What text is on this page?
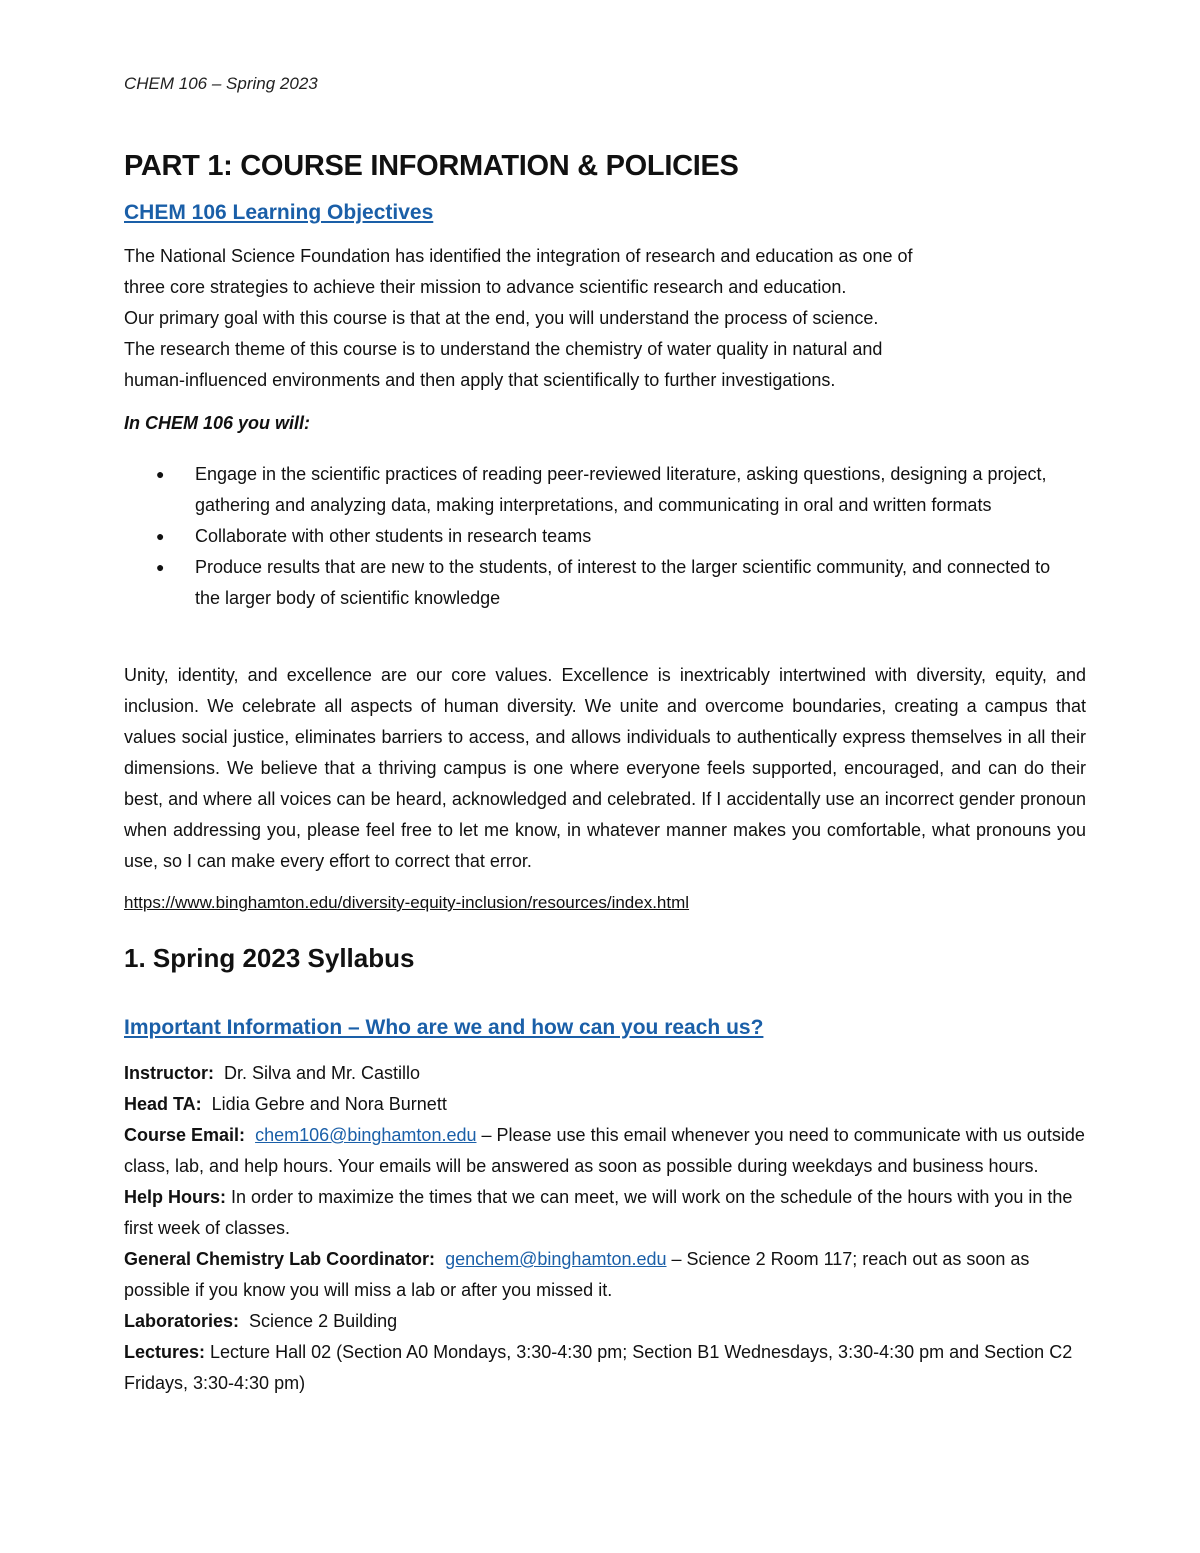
CHEM 106 – Spring 2023
PART 1: COURSE INFORMATION & POLICIES
CHEM 106 Learning Objectives
The National Science Foundation has identified the integration of research and education as one of
three core strategies to achieve their mission to advance scientific research and education.
Our primary goal with this course is that at the end, you will understand the process of science.
The research theme of this course is to understand the chemistry of water quality in natural and
human-influenced environments and then apply that scientifically to further investigations.
In CHEM 106 you will:
● Engage in the scientific practices of reading peer-reviewed literature, asking questions, designing a project, gathering and analyzing data, making interpretations, and communicating in oral and written formats
● Collaborate with other students in research teams
● Produce results that are new to the students, of interest to the larger scientific community, and connected to the larger body of scientific knowledge

Unity, identity, and excellence are our core values. Excellence is inextricably intertwined with diversity, equity, and inclusion. We celebrate all aspects of human diversity. We unite and overcome boundaries, creating a campus that values social justice, eliminates barriers to access, and allows individuals to authentically express themselves in all their dimensions. We believe that a thriving campus is one where everyone feels supported, encouraged, and can do their best, and where all voices can be heard, acknowledged and celebrated. If I accidentally use an incorrect gender pronoun when addressing you, please feel free to let me know, in whatever manner makes you comfortable, what pronouns you use, so I can make every effort to correct that error.

https://www.binghamton.edu/diversity-equity-inclusion/resources/index.html
1. Spring 2023 Syllabus
Important Information – Who are we and how can you reach us?
Instructor:  Dr. Silva and Mr. Castillo
Head TA:  Lidia Gebre and Nora Burnett
Course Email: chem106@binghamton.edu – Please use this email whenever you need to communicate with us outside class, lab, and help hours. Your emails will be answered as soon as possible during weekdays and business hours.
Help Hours: In order to maximize the times that we can meet, we will work on the schedule of the hours with you in the first week of classes.
General Chemistry Lab Coordinator: genchem@binghamton.edu – Science 2 Room 117; reach out as soon as possible if you know you will miss a lab or after you missed it.
Laboratories:  Science 2 Building
Lectures: Lecture Hall 02 (Section A0 Mondays, 3:30-4:30 pm; Section B1 Wednesdays, 3:30-4:30 pm and Section C2 Fridays, 3:30-4:30 pm)
